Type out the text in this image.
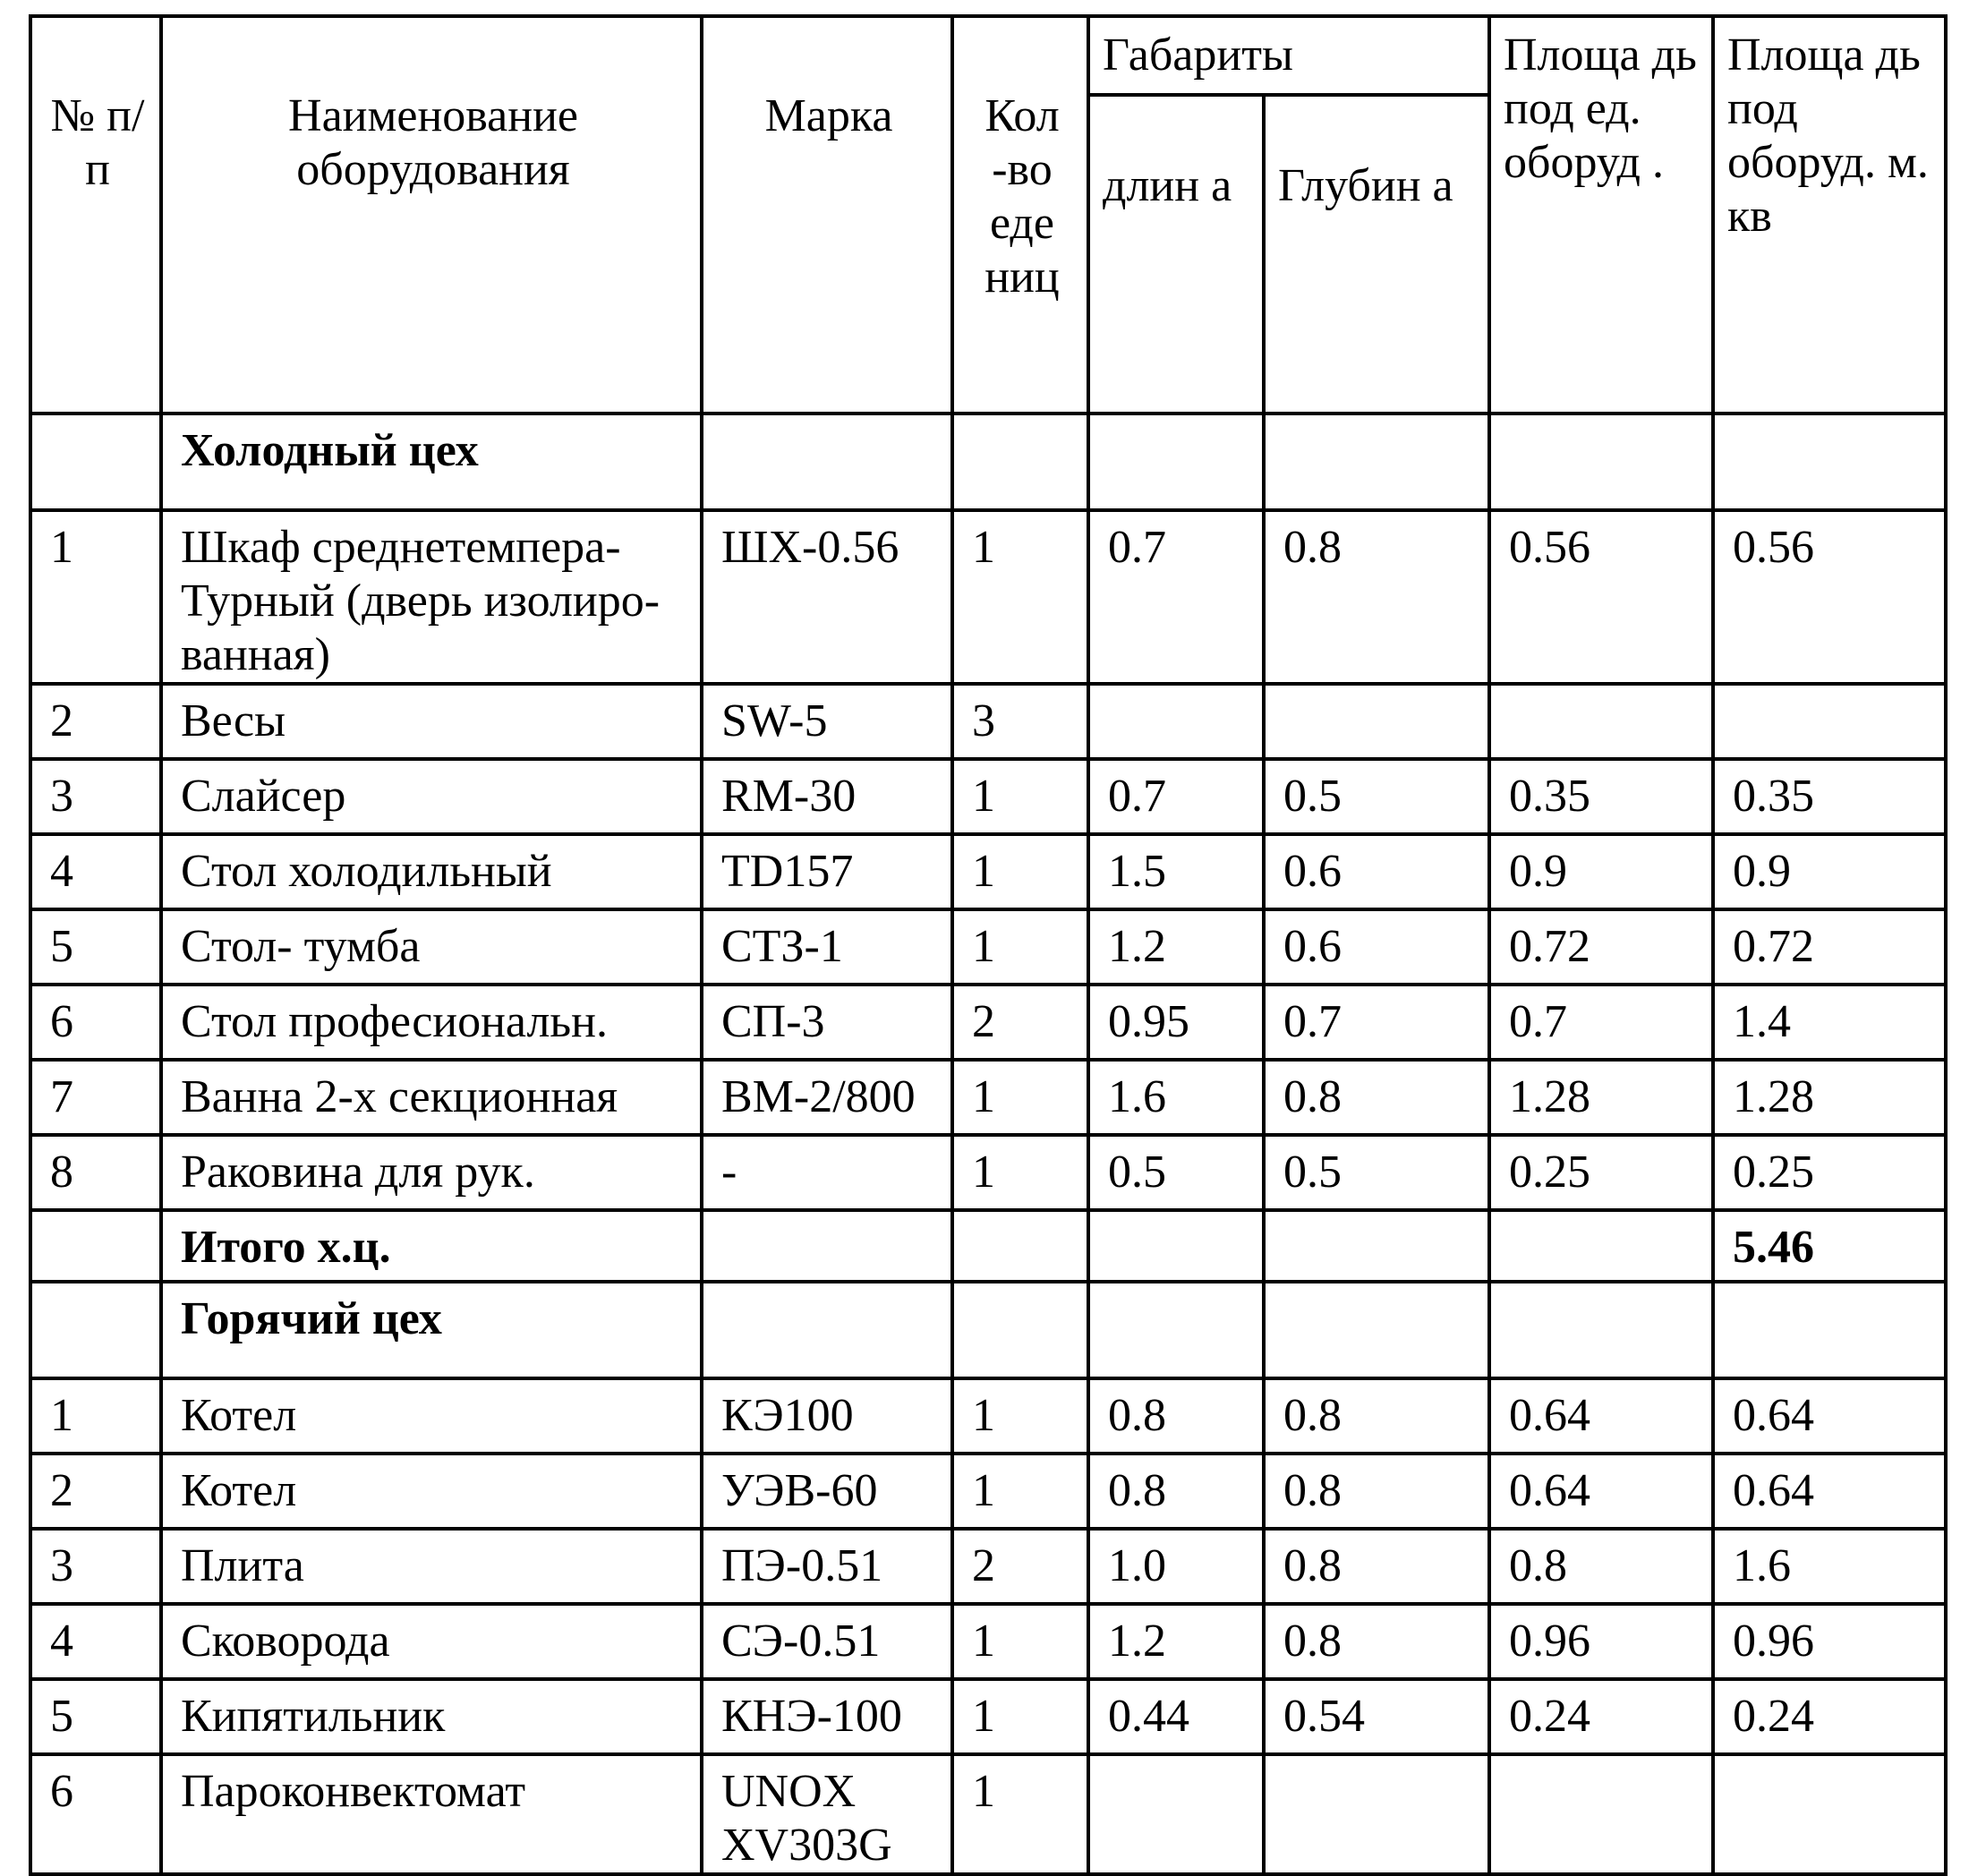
№ п/п	Наименование оборудования	Марка	Кол -во еде ниц	Габариты		Площа дь под ед. оборуд .	Площа дь под оборуд. м. кв
				длин а	Глубин а		
	Холодный цех						
1	Шкаф среднетемпера- Турный (дверь изолиро- ванная)	ШХ-0.56	1	0.7	0.8	0.56	0.56
2	Весы	SW-5	3				
3	Слайсер	RM-30	1	0.7	0.5	0.35	0.35
4	Стол холодильный	TD157	1	1.5	0.6	0.9	0.9
5	Стол- тумба	СТЗ-1	1	1.2	0.6	0.72	0.72
6	Стол професиональн.	СП-3	2	0.95	0.7	0.7	1.4
7	Ванна 2-х секционная	ВМ-2/800	1	1.6	0.8	1.28	1.28
8	Раковина для рук.	-	1	0.5	0.5	0.25	0.25
	Итого х.ц.						5.46
	Горячий цех						
1	Котел	КЭ100	1	0.8	0.8	0.64	0.64
2	Котел	УЭВ-60	1	0.8	0.8	0.64	0.64
3	Плита	ПЭ-0.51	2	1.0	0.8	0.8	1.6
4	Сковорода	СЭ-0.51	1	1.2	0.8	0.96	0.96
5	Кипятильник	КНЭ-100	1	0.44	0.54	0.24	0.24
6	Пароконвектомат	UNOX XV303G	1				
